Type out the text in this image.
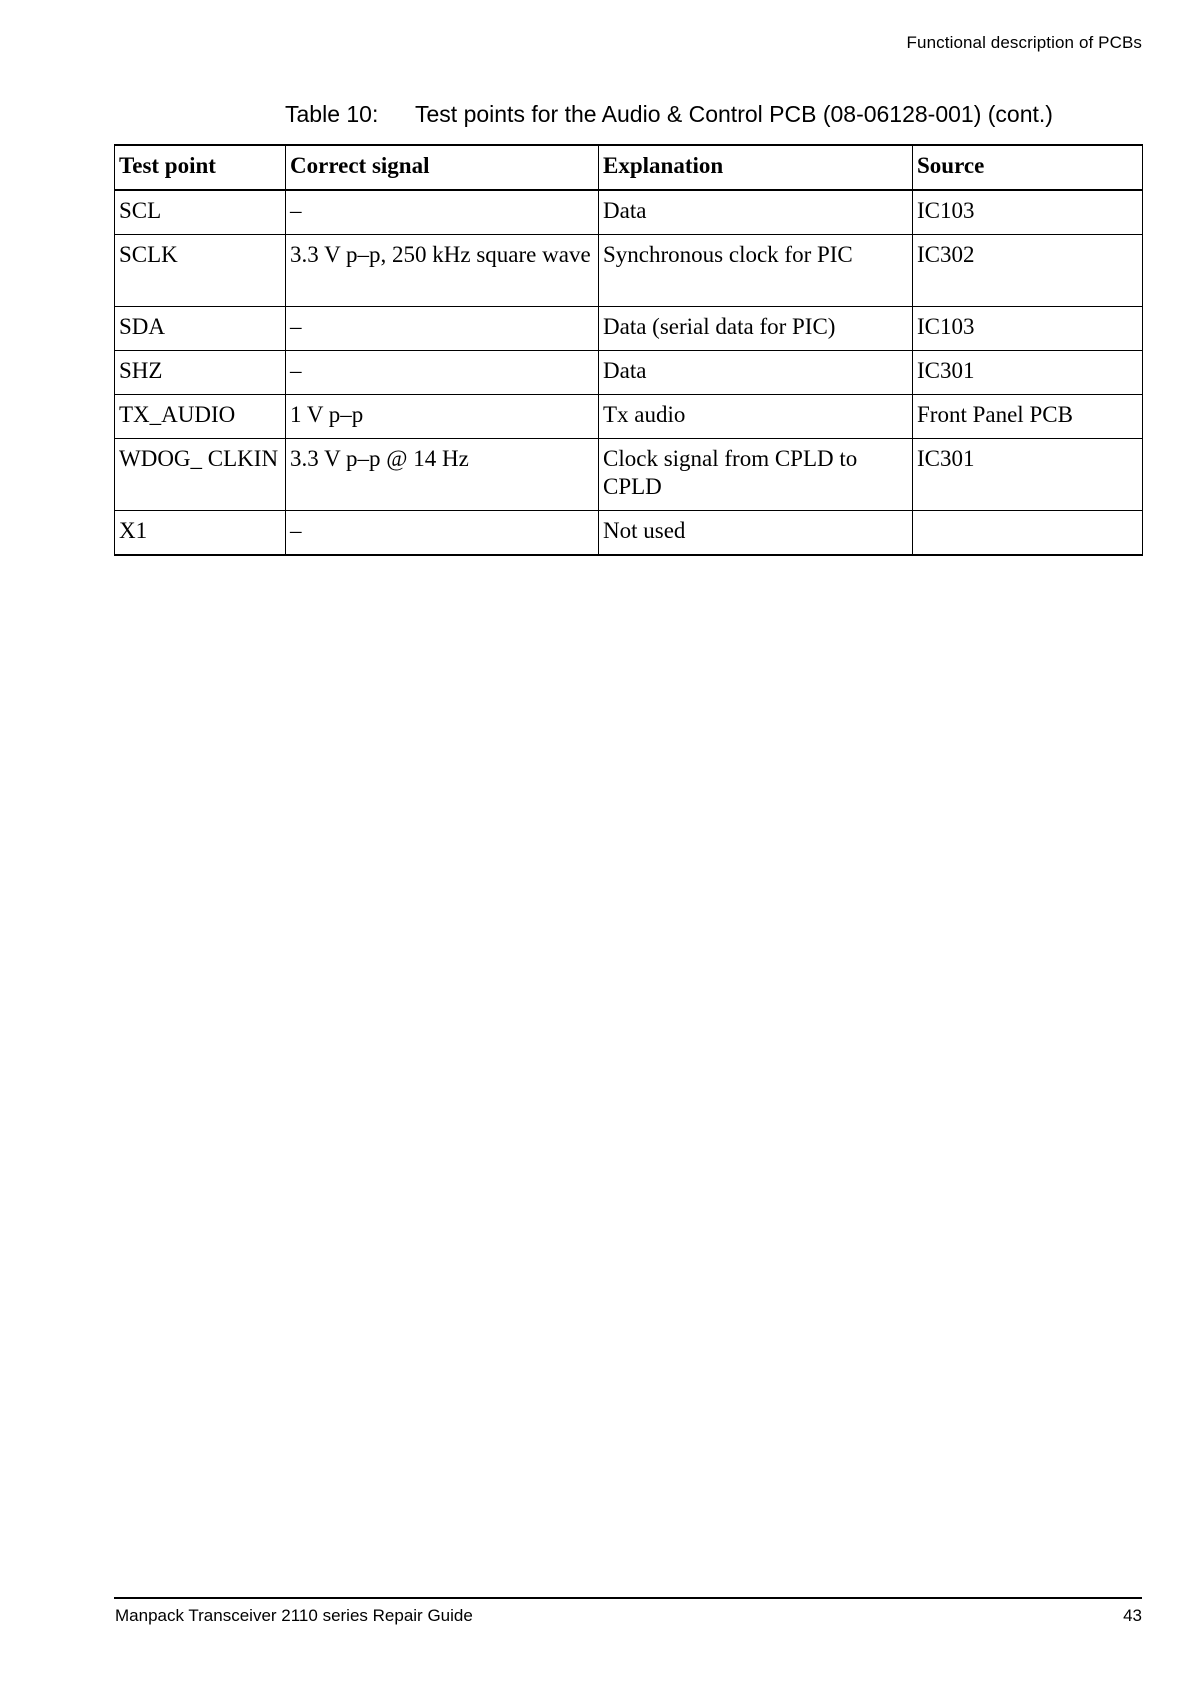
Functional description of PCBs
Table 10: Test points for the Audio & Control PCB (08-06128-001) (cont.)
Test point	Correct signal	Explanation	Source
SCL	–	Data	IC103
SCLK	3.3 V p–p, 250 kHz square wave	Synchronous clock for PIC	IC302
SDA	–	Data (serial data for PIC)	IC103
SHZ	–	Data	IC301
TX_AUDIO	1 V p–p	Tx audio	Front Panel PCB
WDOG_ CLKIN	3.3 V p–p @ 14 Hz	Clock signal from CPLD to CPLD	IC301
X1	–	Not used	
Manpack Transceiver 2110 series Repair Guide	43
